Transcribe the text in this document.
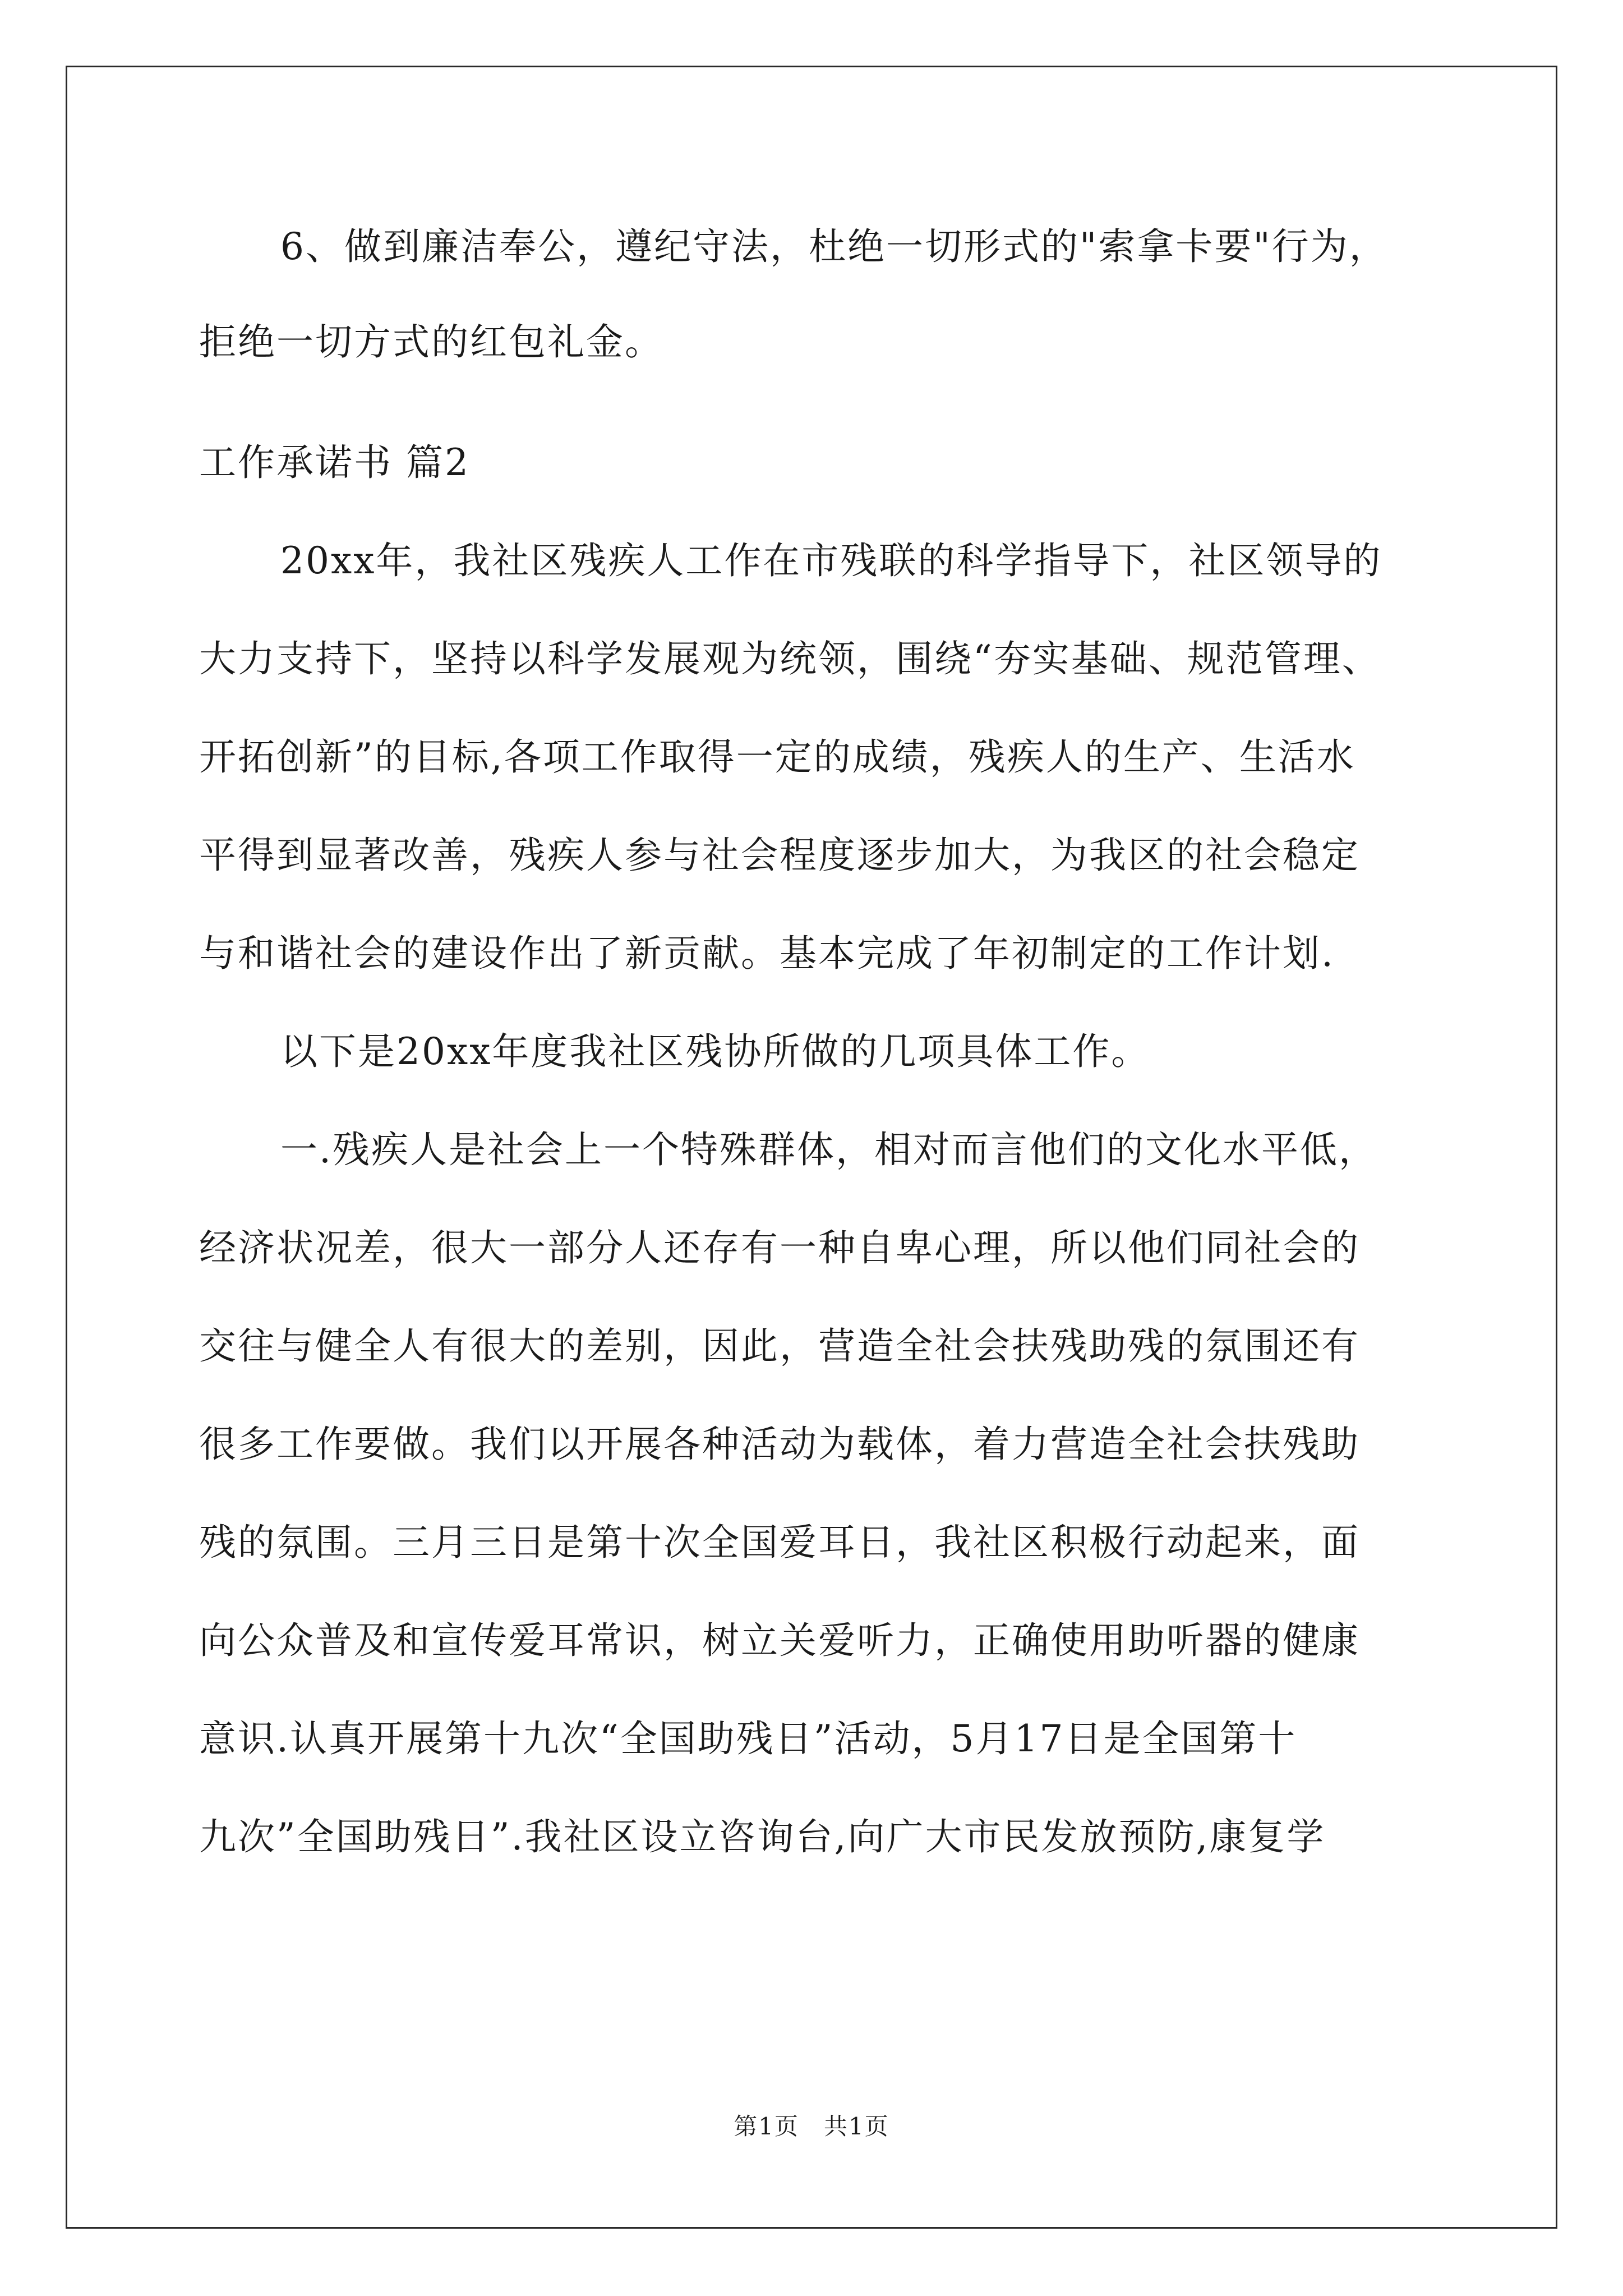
6、做到廉洁奉公，遵纪守法，杜绝一切形式的"索拿卡要"行为，
拒绝一切方式的红包礼金。
工作承诺书 篇2
20xx年，我社区残疾人工作在市残联的科学指导下，社区领导的
大力支持下，坚持以科学发展观为统领，围绕“夯实基础、规范管理、
开拓创新”的目标,各项工作取得一定的成绩，残疾人的生产、生活水
平得到显著改善，残疾人参与社会程度逐步加大，为我区的社会稳定
与和谐社会的建设作出了新贡献。基本完成了年初制定的工作计划.
以下是20xx年度我社区残协所做的几项具体工作。
一.残疾人是社会上一个特殊群体，相对而言他们的文化水平低，
经济状况差，很大一部分人还存有一种自卑心理，所以他们同社会的
交往与健全人有很大的差别，因此，营造全社会扶残助残的氛围还有
很多工作要做。我们以开展各种活动为载体，着力营造全社会扶残助
残的氛围。三月三日是第十次全国爱耳日，我社区积极行动起来，面
向公众普及和宣传爱耳常识，树立关爱听力，正确使用助听器的健康
意识.认真开展第十九次“全国助残日”活动，5月17日是全国第十
九次”全国助残日”.我社区设立咨询台,向广大市民发放预防,康复学
第1页　共1页
